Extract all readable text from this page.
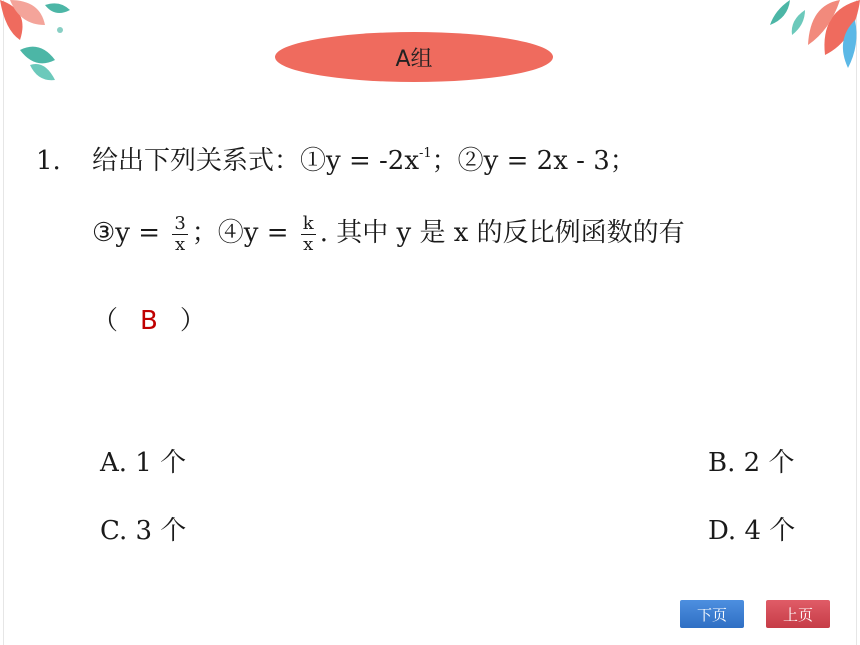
A组
1. 给出下列关系式：①y = $-2x^{-1}$；②y = 2x - 3；
③y = $\frac{3}{x}$ ；④y = $\frac{k}{x}$ . 其中 y 是 x 的反比例函数的有
（ B ）
A. 1 个	B. 2 个
C. 3 个	D. 4 个
下页	上页
